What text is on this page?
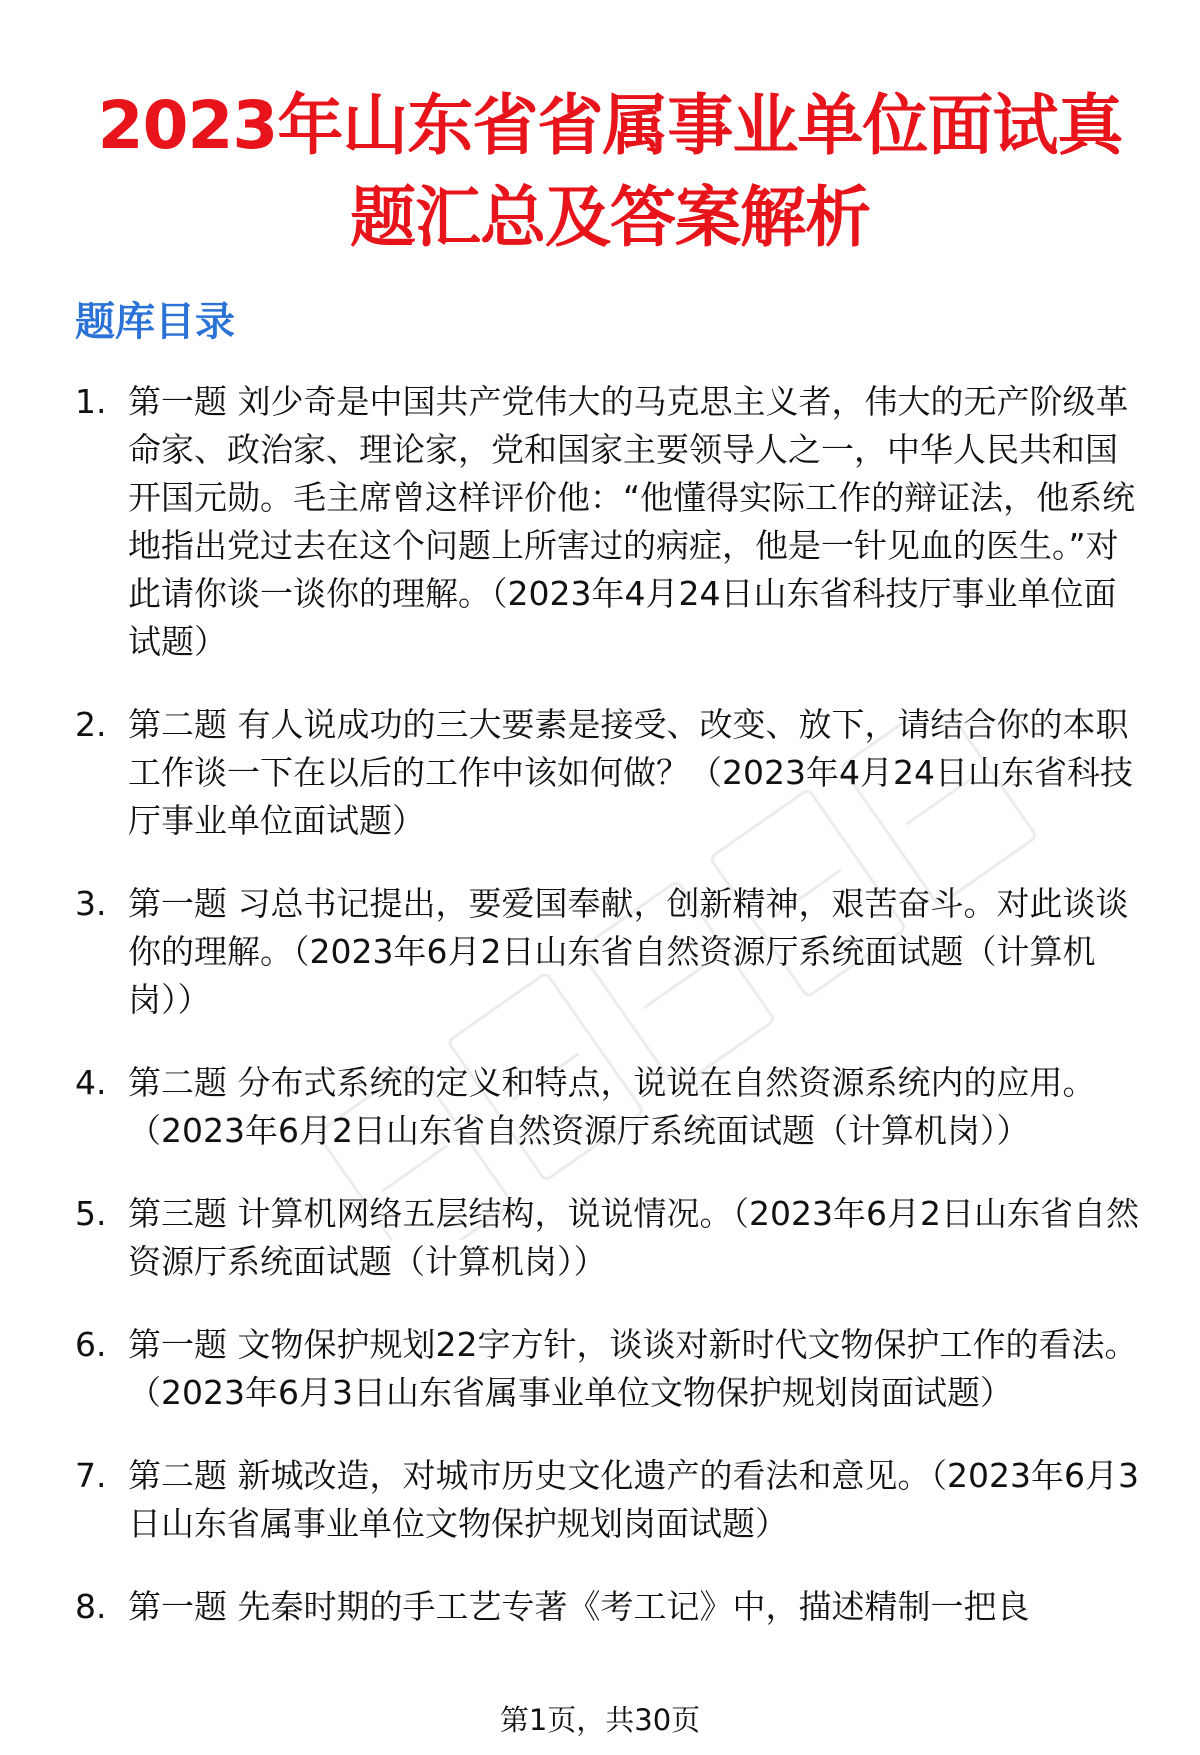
2023年山东省省属事业单位面试真题汇总及答案解析
题库目录
1. 第一题 刘少奇是中国共产党伟大的马克思主义者，伟大的无产阶级革命家、政治家、理论家，党和国家主要领导人之一，中华人民共和国开国元勋。毛主席曾这样评价他：“他懂得实际工作的辩证法，他系统地指出党过去在这个问题上所害过的病症，他是一针见血的医生。”对此请你谈一谈你的理解。（2023年4月24日山东省科技厅事业单位面试题）
2. 第二题 有人说成功的三大要素是接受、改变、放下，请结合你的本职工作谈一下在以后的工作中该如何做？（2023年4月24日山东省科技厅事业单位面试题）
3. 第一题 习总书记提出，要爱国奉献，创新精神，艰苦奋斗。对此谈谈你的理解。（2023年6月2日山东省自然资源厅系统面试题（计算机岗））
4. 第二题 分布式系统的定义和特点，说说在自然资源系统内的应用。（2023年6月2日山东省自然资源厅系统面试题（计算机岗））
5. 第三题 计算机网络五层结构，说说情况。（2023年6月2日山东省自然资源厅系统面试题（计算机岗））
6. 第一题 文物保护规划22字方针，谈谈对新时代文物保护工作的看法。（2023年6月3日山东省属事业单位文物保护规划岗面试题）
7. 第二题 新城改造，对城市历史文化遗产的看法和意见。（2023年6月3日山东省属事业单位文物保护规划岗面试题）
8. 第一题 先秦时期的手工艺专著《考工记》中，描述精制一把良
第1页，共30页
